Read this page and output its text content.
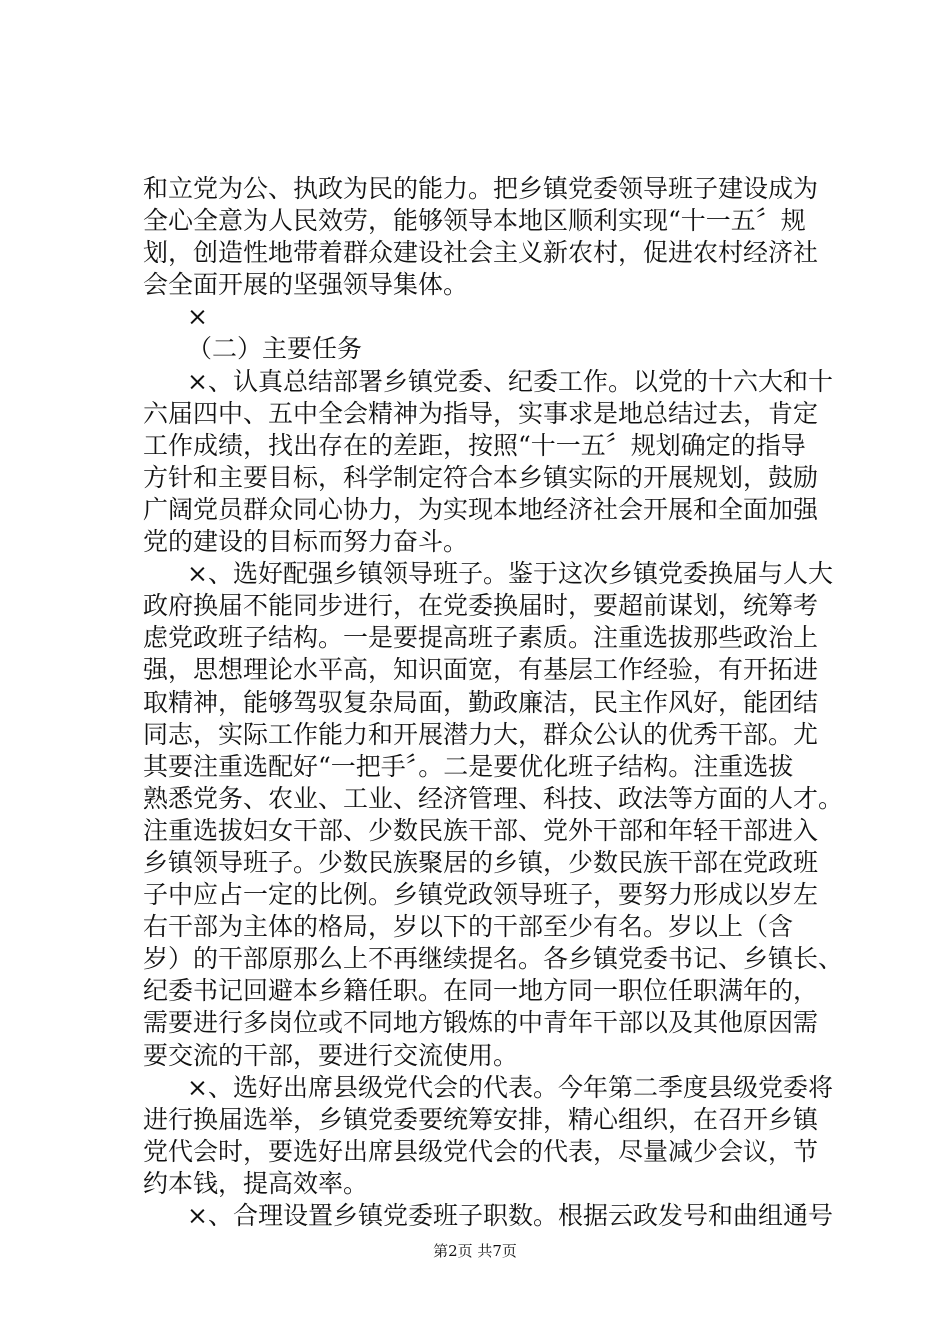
和立党为公、执政为民的能力。把乡镇党委领导班子建设成为
全心全意为人民效劳，能够领导本地区顺利实现“十一五〞规
划，创造性地带着群众建设社会主义新农村，促进农村经济社
会全面开展的坚强领导集体。
×
（二）主要任务
×、认真总结部署乡镇党委、纪委工作。以党的十六大和十
六届四中、五中全会精神为指导，实事求是地总结过去，肯定
工作成绩，找出存在的差距，按照“十一五〞规划确定的指导
方针和主要目标，科学制定符合本乡镇实际的开展规划，鼓励
广阔党员群众同心协力，为实现本地经济社会开展和全面加强
党的建设的目标而努力奋斗。
×、选好配强乡镇领导班子。鉴于这次乡镇党委换届与人大
政府换届不能同步进行，在党委换届时，要超前谋划，统筹考
虑党政班子结构。一是要提高班子素质。注重选拔那些政治上
强，思想理论水平高，知识面宽，有基层工作经验，有开拓进
取精神，能够驾驭复杂局面，勤政廉洁，民主作风好，能团结
同志，实际工作能力和开展潜力大，群众公认的优秀干部。尤
其要注重选配好“一把手〞。二是要优化班子结构。注重选拔
熟悉党务、农业、工业、经济管理、科技、政法等方面的人才。
注重选拔妇女干部、少数民族干部、党外干部和年轻干部进入
乡镇领导班子。少数民族聚居的乡镇，少数民族干部在党政班
子中应占一定的比例。乡镇党政领导班子，要努力形成以岁左
右干部为主体的格局，岁以下的干部至少有名。岁以上（含
岁）的干部原那么上不再继续提名。各乡镇党委书记、乡镇长、
纪委书记回避本乡籍任职。在同一地方同一职位任职满年的，
需要进行多岗位或不同地方锻炼的中青年干部以及其他原因需
要交流的干部，要进行交流使用。
×、选好出席县级党代会的代表。今年第二季度县级党委将
进行换届选举，乡镇党委要统筹安排，精心组织，在召开乡镇
党代会时，要选好出席县级党代会的代表，尽量减少会议，节
约本钱，提高效率。
×、合理设置乡镇党委班子职数。根据云政发号和曲组通号
第2页 共7页
